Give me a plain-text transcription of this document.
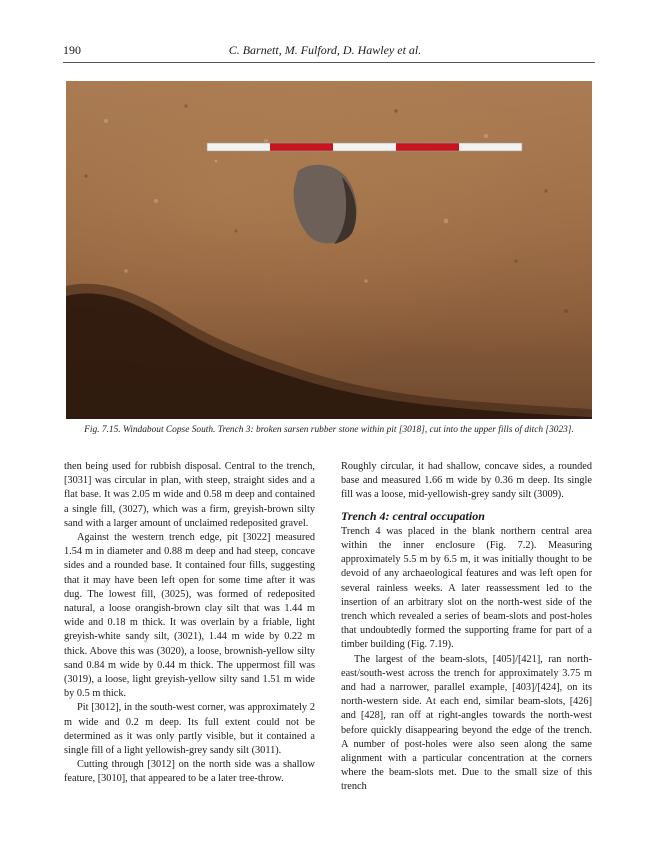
190	C. Barnett, M. Fulford, D. Hawley et al.
Fig. 7.15. Windabout Copse South. Trench 3: broken sarsen rubber stone within pit [3018], cut into the upper fills of ditch [3023].

then being used for rubbish disposal. Central to the trench, [3031] was circular in plan, with steep, straight sides and a flat base. It was 2.05 m wide and 0.58 m deep and contained a single fill, (3027), which was a firm, greyish-brown silty sand with a larger amount of unclaimed redeposited gravel.

Against the western trench edge, pit [3022] measured 1.54 m in diameter and 0.88 m deep and had steep, concave sides and a rounded base. It contained four fills, suggesting that it may have been left open for some time after it was dug. The lowest fill, (3025), was formed of redeposited natural, a loose orangish-brown clay silt that was 1.44 m wide and 0.18 m thick. It was overlain by a friable, light greyish-white sandy silt, (3021), 1.44 m wide by 0.22 m thick. Above this was (3020), a loose, brownish-yellow silty sand 0.84 m wide by 0.44 m thick. The uppermost fill was (3019), a loose, light greyish-yellow silty sand 1.51 m wide by 0.5 m thick.

Pit [3012], in the south-west corner, was approximately 2 m wide and 0.2 m deep. Its full extent could not be determined as it was only partly visible, but it contained a single fill of a light yellowish-grey sandy silt (3011).

Cutting through [3012] on the north side was a shallow feature, [3010], that appeared to be a later tree-throw.

Roughly circular, it had shallow, concave sides, a rounded base and measured 1.66 m wide by 0.36 m deep. Its single fill was a loose, mid-yellowish-grey sandy silt (3009).

Trench 4: central occupation

Trench 4 was placed in the blank northern central area within the inner enclosure (Fig. 7.2). Measuring approximately 5.5 m by 6.5 m, it was initially thought to be devoid of any archaeological features and was left open for several rainless weeks. A later reassessment led to the insertion of an arbitrary slot on the north-west side of the trench which revealed a series of beam-slots and post-holes that undoubtedly formed the supporting frame for part of a timber building (Fig. 7.19).

The largest of the beam-slots, [405]/[421], ran north-east/south-west across the trench for approximately 3.75 m and had a narrower, parallel example, [403]/[424], on its north-western side. At each end, similar beam-slots, [426] and [428], ran off at right-angles towards the north-west before quickly disappearing beyond the edge of the trench. A number of post-holes were also seen along the same alignment with a particular concentration at the corners where the beam-slots met. Due to the small size of this trench
